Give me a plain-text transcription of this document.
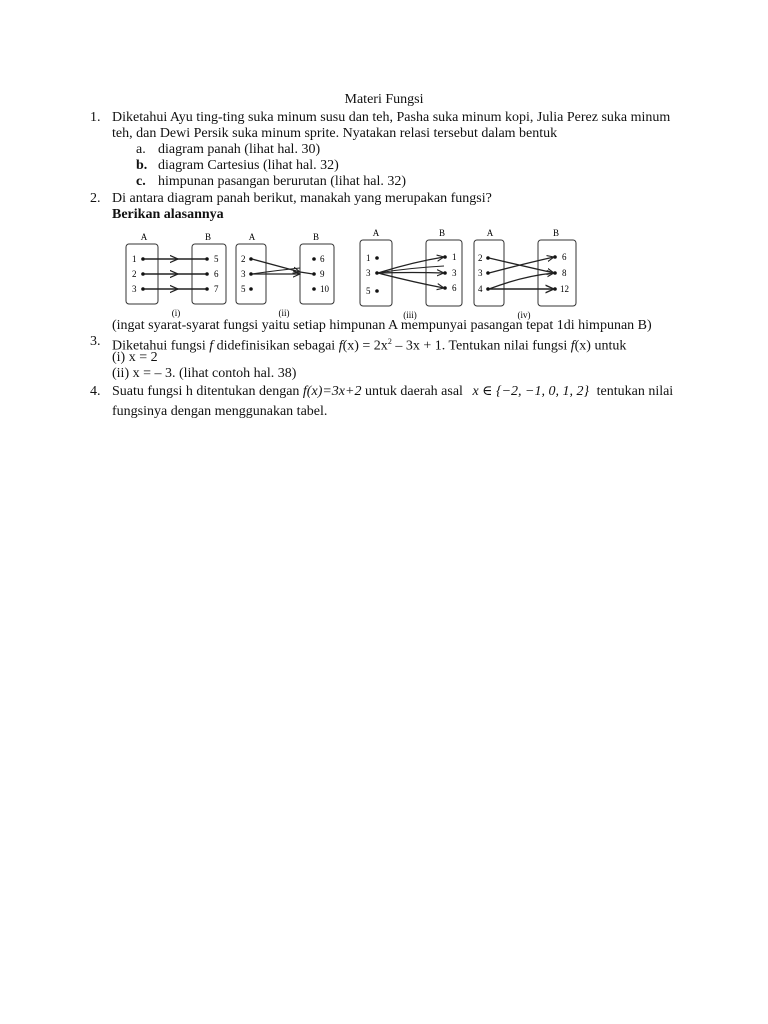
Materi Fungsi
1. Diketahui Ayu ting-ting suka minum susu dan teh, Pasha suka minum kopi, Julia Perez suka minum
teh, dan Dewi Persik suka minum sprite. Nyatakan relasi tersebut dalam bentuk
a. diagram panah (lihat hal. 30)
b. diagram Cartesius (lihat hal. 32)
c. himpunan pasangan berurutan (lihat hal. 32)
2. Di antara diagram panah berikut, manakah yang merupakan fungsi?
Berikan alasannya
A	B
1
2
3
5
6
7
(i)
A	B
2
3
5
6
9
10
(ii)
A	B
1
3
5
1
3
6
(iii)
A	B
2
3
4
6
8
12
(iv)
(ingat syarat-syarat fungsi yaitu setiap himpunan A mempunyai pasangan tepat 1di himpunan B)
3. Diketahui fungsi f didefinisikan sebagai $f(x) = 2x^2 - 3x + 1$. Tentukan nilai fungsi f(x) untuk
(i) x = 2
(ii) x = – 3. (lihat contoh hal. 38)
4. Suatu fungsi h ditentukan dengan f(x)=3x+2 untuk daerah asal x ∈ {−2, −1, 0, 1, 2} tentukan nilai
fungsinya dengan menggunakan tabel.
